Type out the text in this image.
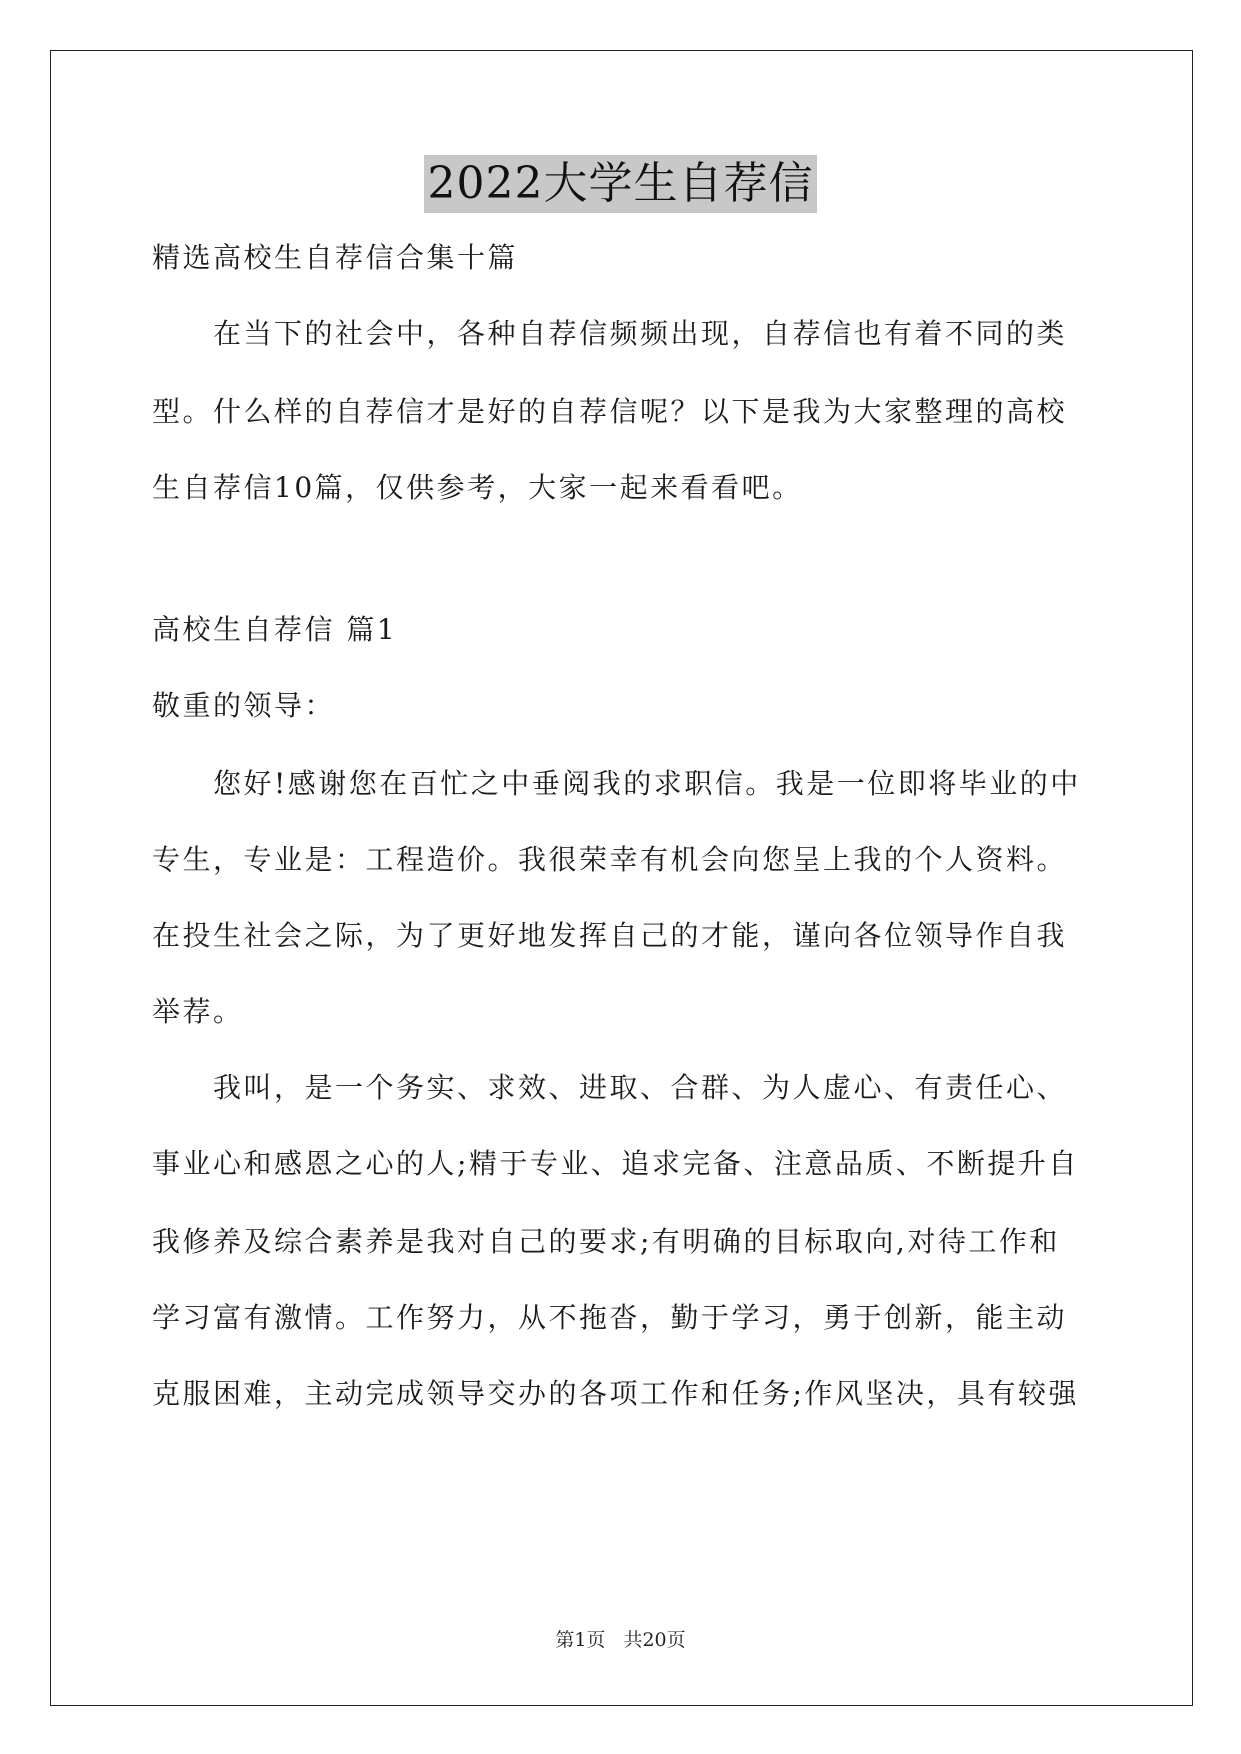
2022大学生自荐信
精选高校生自荐信合集十篇
　　在当下的社会中，各种自荐信频频出现，自荐信也有着不同的类
型。什么样的自荐信才是好的自荐信呢？以下是我为大家整理的高校
生自荐信10篇，仅供参考，大家一起来看看吧。
高校生自荐信 篇1
敬重的领导：
　　您好!感谢您在百忙之中垂阅我的求职信。我是一位即将毕业的中
专生，专业是：工程造价。我很荣幸有机会向您呈上我的个人资料。
在投生社会之际，为了更好地发挥自己的才能，谨向各位领导作自我
举荐。
　　我叫，是一个务实、求效、进取、合群、为人虚心、有责任心、
事业心和感恩之心的人;精于专业、追求完备、注意品质、不断提升自
我修养及综合素养是我对自己的要求;有明确的目标取向,对待工作和
学习富有激情。工作努力，从不拖沓，勤于学习，勇于创新，能主动
克服困难，主动完成领导交办的各项工作和任务;作风坚决，具有较强
第1页 共20页
